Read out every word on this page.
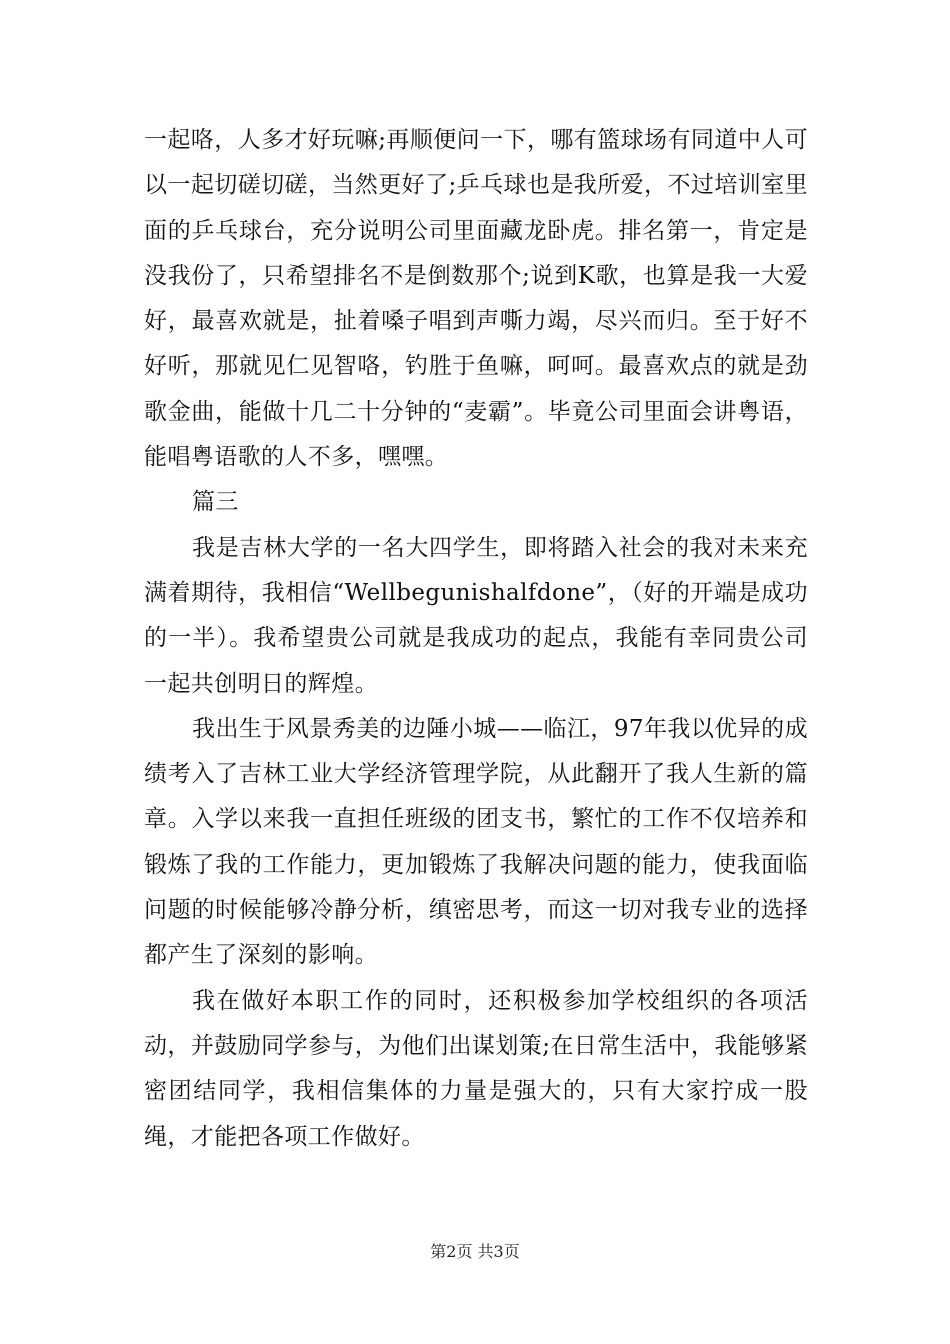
一起咯，人多才好玩嘛;再顺便问一下，哪有篮球场有同道中人可以一起切磋切磋，当然更好了;乒乓球也是我所爱，不过培训室里面的乒乓球台，充分说明公司里面藏龙卧虎。排名第一，肯定是没我份了，只希望排名不是倒数那个;说到K歌，也算是我一大爱好，最喜欢就是，扯着嗓子唱到声嘶力竭，尽兴而归。至于好不好听，那就见仁见智咯，钓胜于鱼嘛，呵呵。最喜欢点的就是劲歌金曲，能做十几二十分钟的“麦霸”。毕竟公司里面会讲粤语，能唱粤语歌的人不多，嘿嘿。

篇三

我是吉林大学的一名大四学生，即将踏入社会的我对未来充满着期待，我相信“Wellbegunishalfdone”，（好的开端是成功的一半）。我希望贵公司就是我成功的起点，我能有幸同贵公司一起共创明日的辉煌。

我出生于风景秀美的边陲小城——临江，97年我以优异的成绩考入了吉林工业大学经济管理学院，从此翻开了我人生新的篇章。入学以来我一直担任班级的团支书，繁忙的工作不仅培养和锻炼了我的工作能力，更加锻炼了我解决问题的能力，使我面临问题的时候能够冷静分析，缜密思考，而这一切对我专业的选择都产生了深刻的影响。

我在做好本职工作的同时，还积极参加学校组织的各项活动，并鼓励同学参与，为他们出谋划策;在日常生活中，我能够紧密团结同学，我相信集体的力量是强大的，只有大家拧成一股绳，才能把各项工作做好。

第2页 共3页
